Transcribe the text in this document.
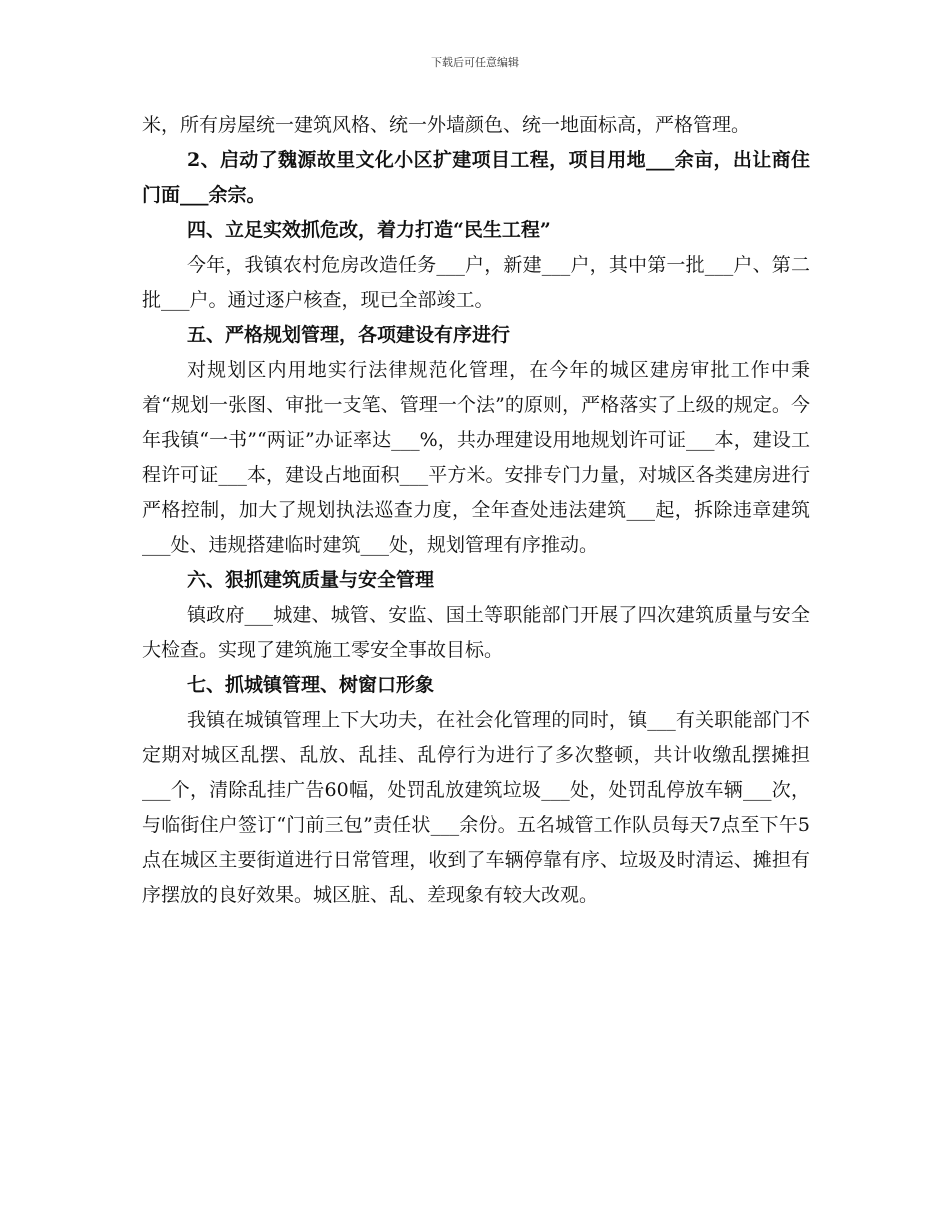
下载后可任意编辑

米，所有房屋统一建筑风格、统一外墙颜色、统一地面标高，严格管理。

2、启动了魏源故里文化小区扩建项目工程，项目用地___余亩，出让商住门面___余宗。

四、立足实效抓危改，着力打造“民生工程”

今年，我镇农村危房改造任务___户，新建___户，其中第一批___户、第二批___户。通过逐户核查，现已全部竣工。

五、严格规划管理，各项建设有序进行

对规划区内用地实行法律规范化管理，在今年的城区建房审批工作中秉着“规划一张图、审批一支笔、管理一个法”的原则，严格落实了上级的规定。今年我镇“一书”“两证”办证率达___%，共办理建设用地规划许可证___本，建设工程许可证___本，建设占地面积___平方米。安排专门力量，对城区各类建房进行严格控制，加大了规划执法巡查力度，全年查处违法建筑___起，拆除违章建筑___处、违规搭建临时建筑___处，规划管理有序推动。

六、狠抓建筑质量与安全管理

镇政府___城建、城管、安监、国土等职能部门开展了四次建筑质量与安全大检查。实现了建筑施工零安全事故目标。

七、抓城镇管理、树窗口形象

我镇在城镇管理上下大功夫，在社会化管理的同时，镇___有关职能部门不定期对城区乱摆、乱放、乱挂、乱停行为进行了多次整顿，共计收缴乱摆摊担___个，清除乱挂广告60幅，处罚乱放建筑垃圾___处，处罚乱停放车辆___次，与临街住户签订“门前三包”责任状___余份。五名城管工作队员每天7点至下午5点在城区主要街道进行日常管理，收到了车辆停靠有序、垃圾及时清运、摊担有序摆放的良好效果。城区脏、乱、差现象有较大改观。
